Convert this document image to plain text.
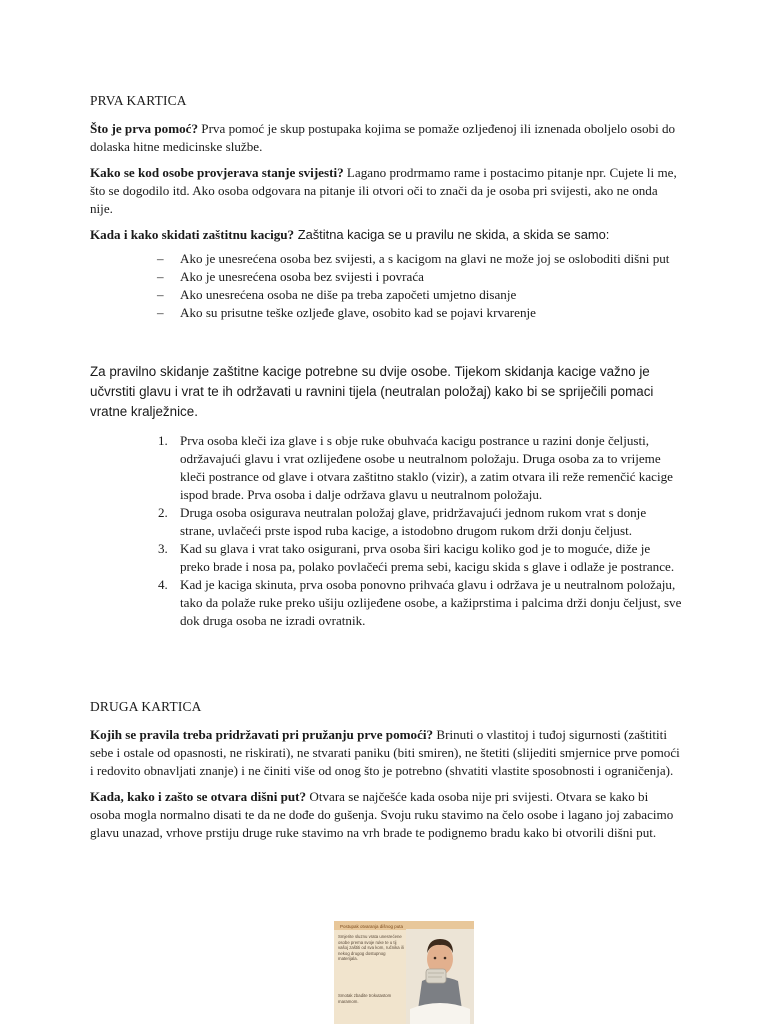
PRVA KARTICA

Što je prva pomoć? Prva pomoć je skup postupaka kojima se pomaže ozljeđenoj ili iznenada oboljelo osobi do dolaska hitne medicinske službe.

Kako se kod osobe provjerava stanje svijesti? Lagano prodrmamo rame i postacimo pitanje npr. Cujete li me, što se dogodilo itd. Ako osoba odgovara na pitanje ili otvori oči to znači da je osoba pri svijesti, ako ne onda nije.

Kada i kako skidati zaštitnu kacigu? Zaštitna kaciga se u pravilu ne skida, a skida se samo:

– Ako je unesrećena osoba bez svijesti, a s kacigom na glavi ne može joj se osloboditi dišni put
– Ako je unesrećena osoba bez svijesti i povraća
– Ako unesrećena osoba ne diše pa treba započeti umjetno disanje
– Ako su prisutne teške ozljeđe glave, osobito kad se pojavi krvarenje
Za pravilno skidanje zaštitne kacige potrebne su dvije osobe. Tijekom skidanja kacige važno je učvrstiti glavu i vrat te ih održavati u ravnini tijela (neutralan položaj) kako bi se spriječili pomaci vratne kralježnice.
Prva osoba kleči iza glave i s obje ruke obuhvaća kacigu postrance u razini donje čeljusti, održavajući glavu i vrat ozlijeđene osobe u neutralnom položaju. Druga osoba za to vrijeme kleči postrance od glave i otvara zaštitno staklo (vizir), a zatim otvara ili reže remenčić kacige ispod brade. Prva osoba i dalje održava glavu u neutralnom položaju.
Druga osoba osigurava neutralan položaj glave, pridržavajući jednom rukom vrat s donje strane, uvlačeći prste ispod ruba kacige, a istodobno drugom rukom drži donju čeljust.
Kad su glava i vrat tako osigurani, prva osoba širi kacigu koliko god je to moguće, diže je preko brade i nosa pa, polako povlačeći prema sebi, kacigu skida s glave i odlaže je postrance.
Kad je kaciga skinuta, prva osoba ponovno prihvaća glavu i održava je u neutralnom položaju, tako da polaže ruke preko ušiju ozlijeđene osobe, a kažiprstima i palcima drži donju čeljust, sve dok druga osoba ne izradi ovratnik.
DRUGA KARTICA

Kojih se pravila treba pridržavati pri pružanju prve pomoći? Brinuti o vlastitoj i tuđoj sigurnosti (zaštititi sebe i ostale od opasnosti, ne riskirati), ne stvarati paniku (biti smiren), ne štetiti (slijediti smjernice prve pomoći i redovito obnavljati znanje) i ne činiti više od onog što je potrebno (shvatiti vlastite sposobnosti i ograničenja).

Kada, kako i zašto se otvara dišni put? Otvara se najčešće kada osoba nije pri svijesti. Otvara se kako bi osoba mogla normalno disati te da ne dođe do gušenja. Svoju ruku stavimo na čelo osobe i lagano joj zabacimo glavu unazad, vrhove prstiju druge ruke stavimo na vrh brade te podignemo bradu kako bi otvorili dišni put.

Postupak otvaranja dišnog puta
Smjerite sluznu vrata unesrećene osobe prema svoje ruke te u tij vašoj zaštiti od sva kom, ručnika ili nekog drugog dostupnog materijala.
Smotak zbadite trokutastom maramom.
